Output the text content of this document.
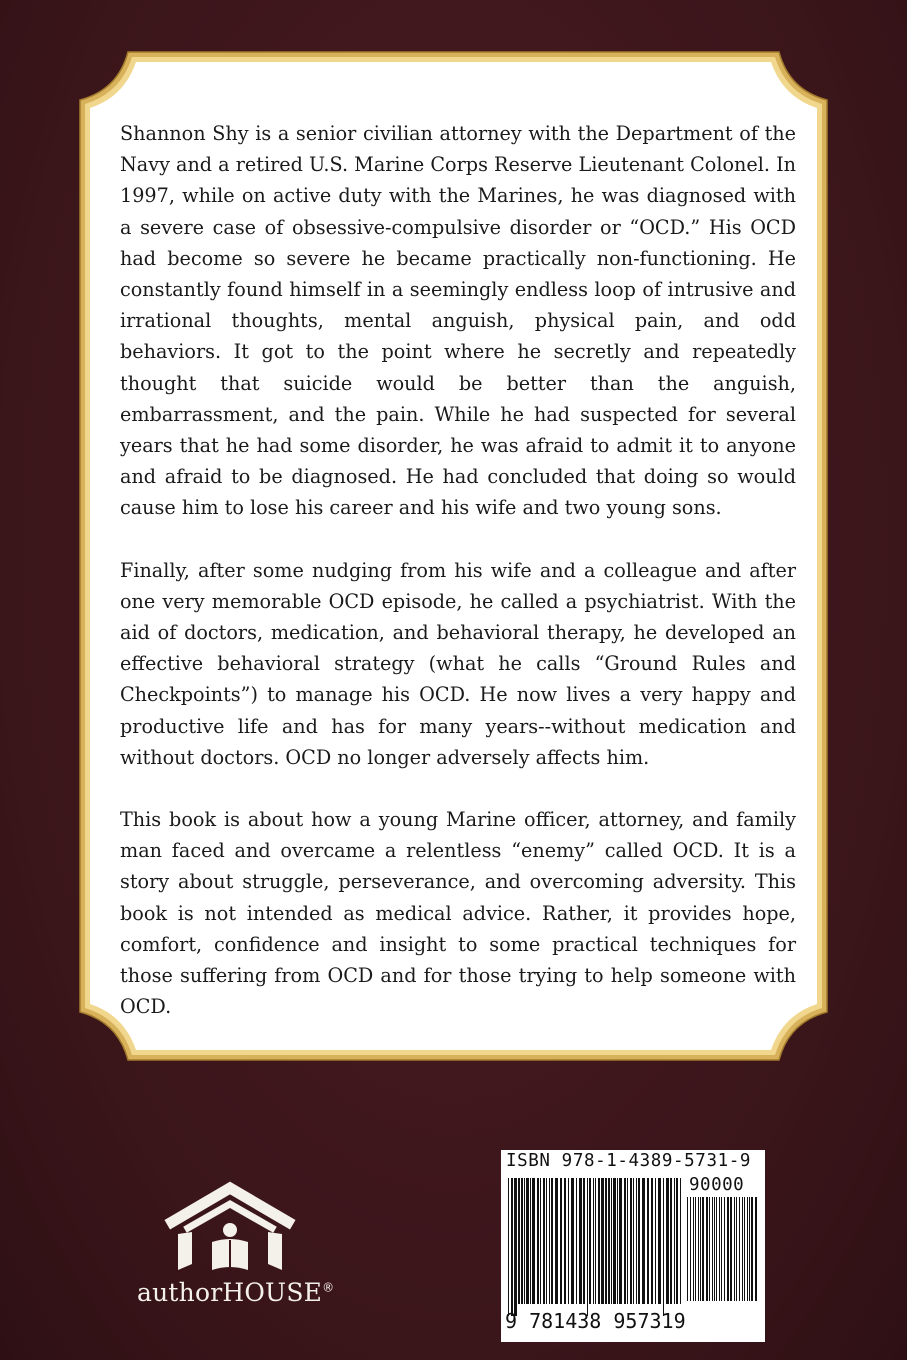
Shannon Shy is a senior civilian attorney with the Department of the Navy and a retired U.S. Marine Corps Reserve Lieutenant Colonel. In 1997, while on active duty with the Marines, he was diagnosed with a severe case of obsessive-compulsive disorder or “OCD.” His OCD had become so severe he became practically non-functioning. He constantly found himself in a seemingly endless loop of intrusive and irrational thoughts, mental anguish, physical pain, and odd behaviors. It got to the point where he secretly and repeatedly thought that suicide would be better than the anguish, embarrassment, and the pain. While he had suspected for several years that he had some disorder, he was afraid to admit it to anyone and afraid to be diagnosed. He had concluded that doing so would cause him to lose his career and his wife and two young sons.

Finally, after some nudging from his wife and a colleague and after one very memorable OCD episode, he called a psychiatrist. With the aid of doctors, medication, and behavioral therapy, he developed an effective behavioral strategy (what he calls “Ground Rules and Checkpoints”) to manage his OCD. He now lives a very happy and productive life and has for many years--without medication and without doctors. OCD no longer adversely affects him.

This book is about how a young Marine officer, attorney, and family man faced and overcame a relentless “enemy” called OCD. It is a story about struggle, perseverance, and overcoming adversity. This book is not intended as medical advice. Rather, it provides hope, comfort, confidence and insight to some practical techniques for those suffering from OCD and for those trying to help someone with OCD.

authorHOUSE®
ISBN 978-1-4389-5731-9
90000
9 781438 957319
